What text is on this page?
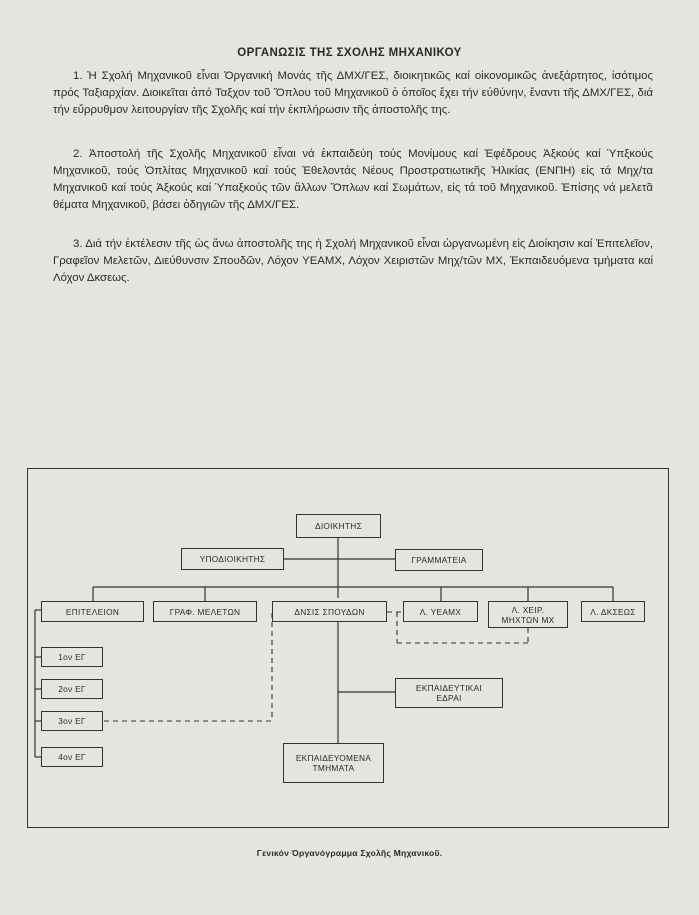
ΟΡΓΑΝΩΣΙΣ ΤΗΣ ΣΧΟΛΗΣ ΜΗΧΑΝΙΚΟΥ

1. Ἡ Σχολή Μηχανικοῦ εἶναι Ὀργανική Μονάς τῆς ΔΜΧ/ΓΕΣ, διοικητικῶς καί οἰκονομικῶς ἀνεξάρτητος, ἰσότιμος πρός Ταξιαρχίαν. Διοικεῖται ἀπό Ταξχον τοῦ Ὅπλου τοῦ Μηχανικοῦ ὁ ὁποῖος ἔχει τήν εὐθύνην, ἔναντι τῆς ΔΜΧ/ΓΕΣ, διά τήν εὔρρυθμον λειτουργίαν τῆς Σχολῆς καί τήν ἐκπλήρωσιν τῆς ἀποστολῆς της.

2. Ἀποστολή τῆς Σχολῆς Μηχανικοῦ εἶναι νά ἐκπαιδεύη τούς Μονίμους καί Ἐφέδρους Ἀξκούς καί Ὑπξκούς Μηχανικοῦ, τούς Ὁπλίτας Μηχανικοῦ καί τούς Ἐθελοντάς Νέους Προστρατιωτικῆς Ἡλικίας (ΕΝΠΗ) εἰς τά Μηχ/τα Μηχανικοῦ καί τούς Ἀξκούς καί Ὑπαξκούς τῶν ἄλλων Ὅπλων καί Σωμάτων, εἰς τά τοῦ Μηχανικοῦ. Ἐπίσης νά μελετᾶ θέματα Μηχανικοῦ, βάσει ὁδηγιῶν τῆς ΔΜΧ/ΓΕΣ.

3. Διά τήν ἐκτέλεσιν τῆς ὡς ἄνω ἀποστολῆς της ἡ Σχολή Μηχανικοῦ εἶναι ὠργανωμένη εἰς Διοίκησιν καί Ἐπιτελεῖον, Γραφεῖον Μελετῶν, Διεύθυνσιν Σπουδῶν, Λόχον ΥΕΑΜΧ, Λόχον Χειριστῶν Μηχ/τῶν ΜΧ, Ἐκπαιδευόμενα τμήματα καί Λόχον Δκσεως.

ΔΙΟΙΚΗΤΗΣ
ΥΠΟΔΙΟΙΚΗΤΗΣ	ΓΡΑΜΜΑΤΕΙΑ
ΕΠΙΤΕΛΕΙΟΝ	ΓΡΑΦ. ΜΕΛΕΤΩΝ	ΔΝΣΙΣ ΣΠΟΥΔΩΝ	Λ. ΥΕΑΜΧ	Λ. ΧΕΙΡ. ΜΗΧΤΩΝ ΜΧ
Λ. ΔΚΣΕΩΣ
1ον ΕΓ
2ον ΕΓ
3ον ΕΓ
4ον ΕΓ
ΕΚΠΑΙΔΕΥΤΙΚΑΙ ΕΔΡΑΙ
ΕΚΠΑΙΔΕΥΟΜΕΝΑ ΤΜΗΜΑΤΑ
Γενικόν Ὀργανόγραμμα Σχολῆς Μηχανικοῦ.
